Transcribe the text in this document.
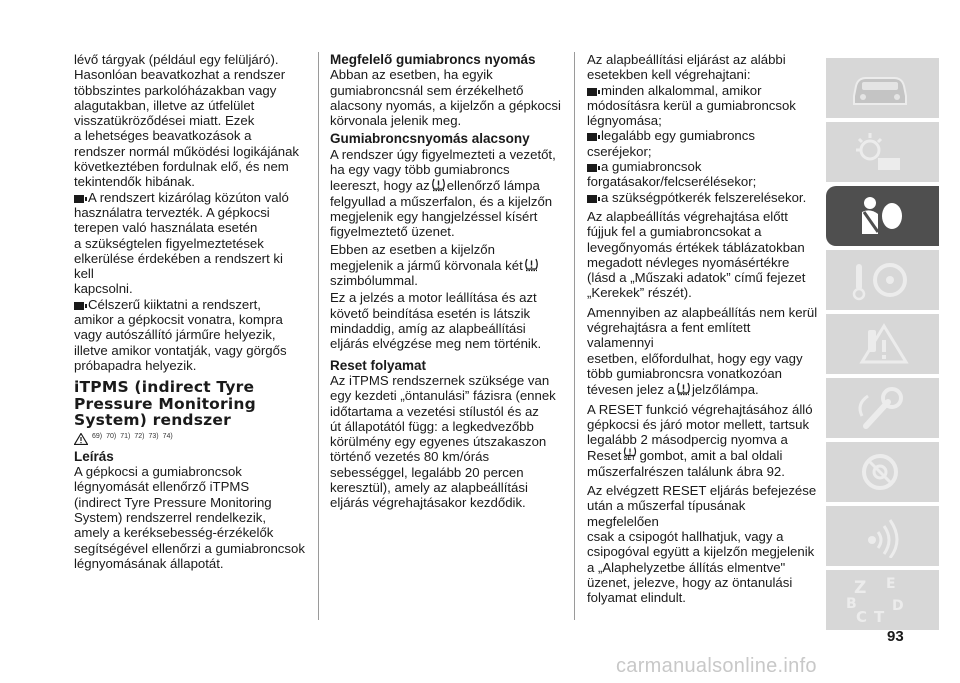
lévő tárgyak (például egy felüljáró).

Hasonlóan beavatkozhat a rendszer

többszintes parkolóházakban vagy

alagutakban, illetve az útfelület

visszatükröződései miatt. Ezek

a lehetséges beavatkozások a

rendszer normál működési logikájának

következtében fordulnak elő, és nem

tekintendők hibának.

A rendszert kizárólag közúton való

használatra tervezték. A gépkocsi

terepen való használata esetén

a szükségtelen figyelmeztetések

elkerülése érdekében a rendszert ki kell

kapcsolni.

Célszerű kiiktatni a rendszert,

amikor a gépkocsit vonatra, kompra

vagy autószállító járműre helyezik,

illetve amikor vontatják, vagy görgős

próbapadra helyezik.

iTPMS (indirect Tyre
Pressure Monitoring
System) rendszer
69) 70) 71) 72) 73) 74)
Leírás

A gépkocsi a gumiabroncsok

légnyomását ellenőrző iTPMS

(indirect Tyre Pressure Monitoring

System) rendszerrel rendelkezik,

amely a keréksebesség-érzékelők

segítségével ellenőrzi a gumiabroncsok

légnyomásának állapotát.

Megfelelő gumiabroncs nyomás

Abban az esetben, ha egyik

gumiabroncsnál sem érzékelhető

alacsony nyomás, a kijelzőn a gépkocsi

körvonala jelenik meg.

Gumiabroncsnyomás alacsony

A rendszer úgy figyelmezteti a vezetőt,

ha egy vagy több gumiabroncs

leereszt, hogy az ellenőrző lámpa

felgyullad a műszerfalon, és a kijelzőn

megjelenik egy hangjelzéssel kísért

figyelmeztető üzenet.

Ebben az esetben a kijelzőn

megjelenik a jármű körvonala két

szimbólummal.

Ez a jelzés a motor leállítása és azt

követő beindítása esetén is látszik

mindaddig, amíg az alapbeállítási

eljárás elvégzése meg nem történik.

Reset folyamat

Az iTPMS rendszernek szüksége van

egy kezdeti „öntanulási” fázisra (ennek

időtartama a vezetési stílustól és az

út állapotától függ: a legkedvezőbb

körülmény egy egyenes útszakaszon

történő vezetés 80 km/órás

sebességgel, legalább 20 percen

keresztül), amely az alapbeállítási

eljárás végrehajtásakor kezdődik.

Az alapbeállítási eljárást az alábbi

esetekben kell végrehajtani:

minden alkalommal, amikor

módosításra kerül a gumiabroncsok

légnyomása;

legalább egy gumiabroncs

cseréjekor;

a gumiabroncsok

forgatásakor/felcserélésekor;

a szükségpótkerék felszerelésekor.

Az alapbeállítás végrehajtása előtt

fújjuk fel a gumiabroncsokat a

levegőnyomás értékek táblázatokban

megadott névleges nyomásértékre

(lásd a „Műszaki adatok” című fejezet

„Kerekek” részét).

Amennyiben az alapbeállítás nem kerül

végrehajtásra a fent említett valamennyi

esetben, előfordulhat, hogy egy vagy

több gumiabroncsra vonatkozóan

tévesen jelez a jelzőlámpa.

A RESET funkció végrehajtásához álló

gépkocsi és járó motor mellett, tartsuk

legalább 2 másodpercig nyomva a

Reset SET gombot, amit a bal oldali

műszerfalrészen találunk ábra 92.

Az elvégzett RESET eljárás befejezése

után a műszerfal típusának megfelelően

csak a csipogót hallhatjuk, vagy a

csipogóval együtt a kijelzőn megjelenik

a „Alaphelyzetbe állítás elmentve"

üzenet, jelezve, hogy az öntanulási

folyamat elindult.	Z E
B	D
C T
93
carmanualsonline.info
